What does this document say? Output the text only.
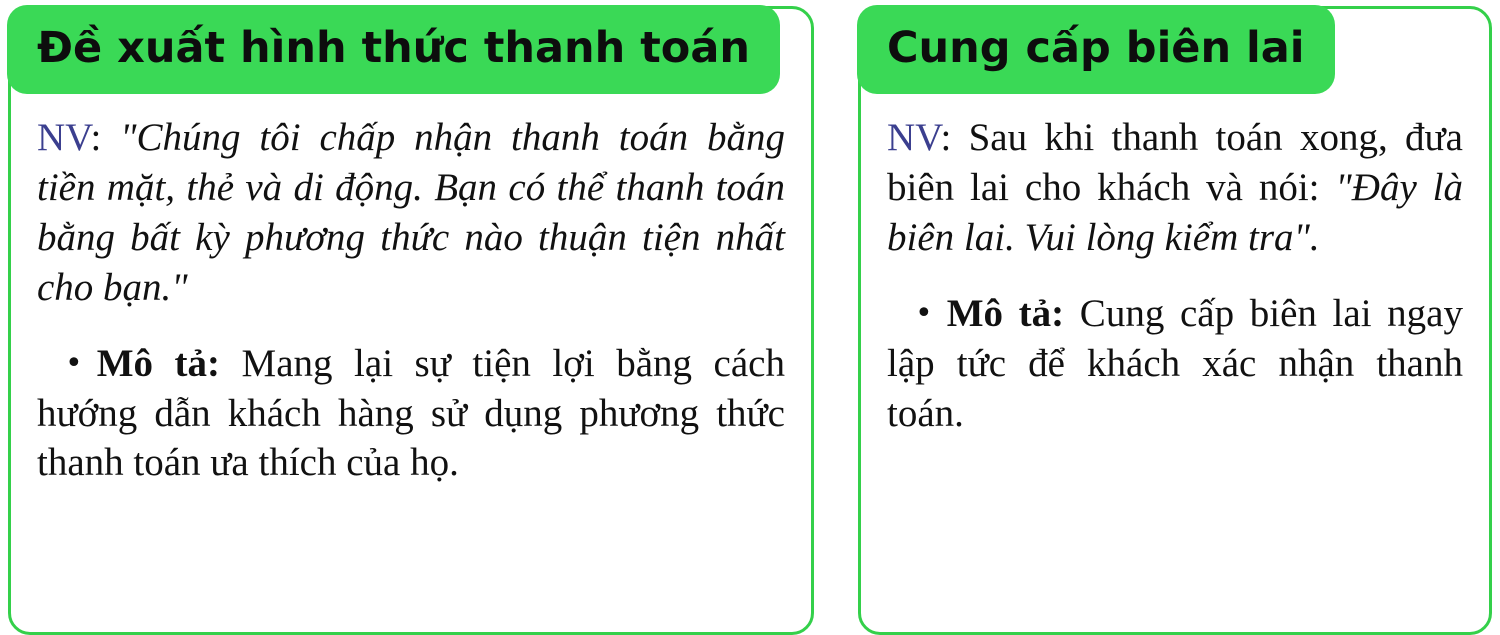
Đề xuất hình thức thanh toán

NV: "Chúng tôi chấp nhận thanh toán bằng tiền mặt, thẻ và di động. Bạn có thể thanh toán bằng bất kỳ phương thức nào thuận tiện nhất cho bạn."

• Mô tả: Mang lại sự tiện lợi bằng cách hướng dẫn khách hàng sử dụng phương thức thanh toán ưa thích của họ.

Cung cấp biên lai

NV: Sau khi thanh toán xong, đưa biên lai cho khách và nói: "Đây là biên lai. Vui lòng kiểm tra".

• Mô tả: Cung cấp biên lai ngay lập tức để khách xác nhận thanh toán.
